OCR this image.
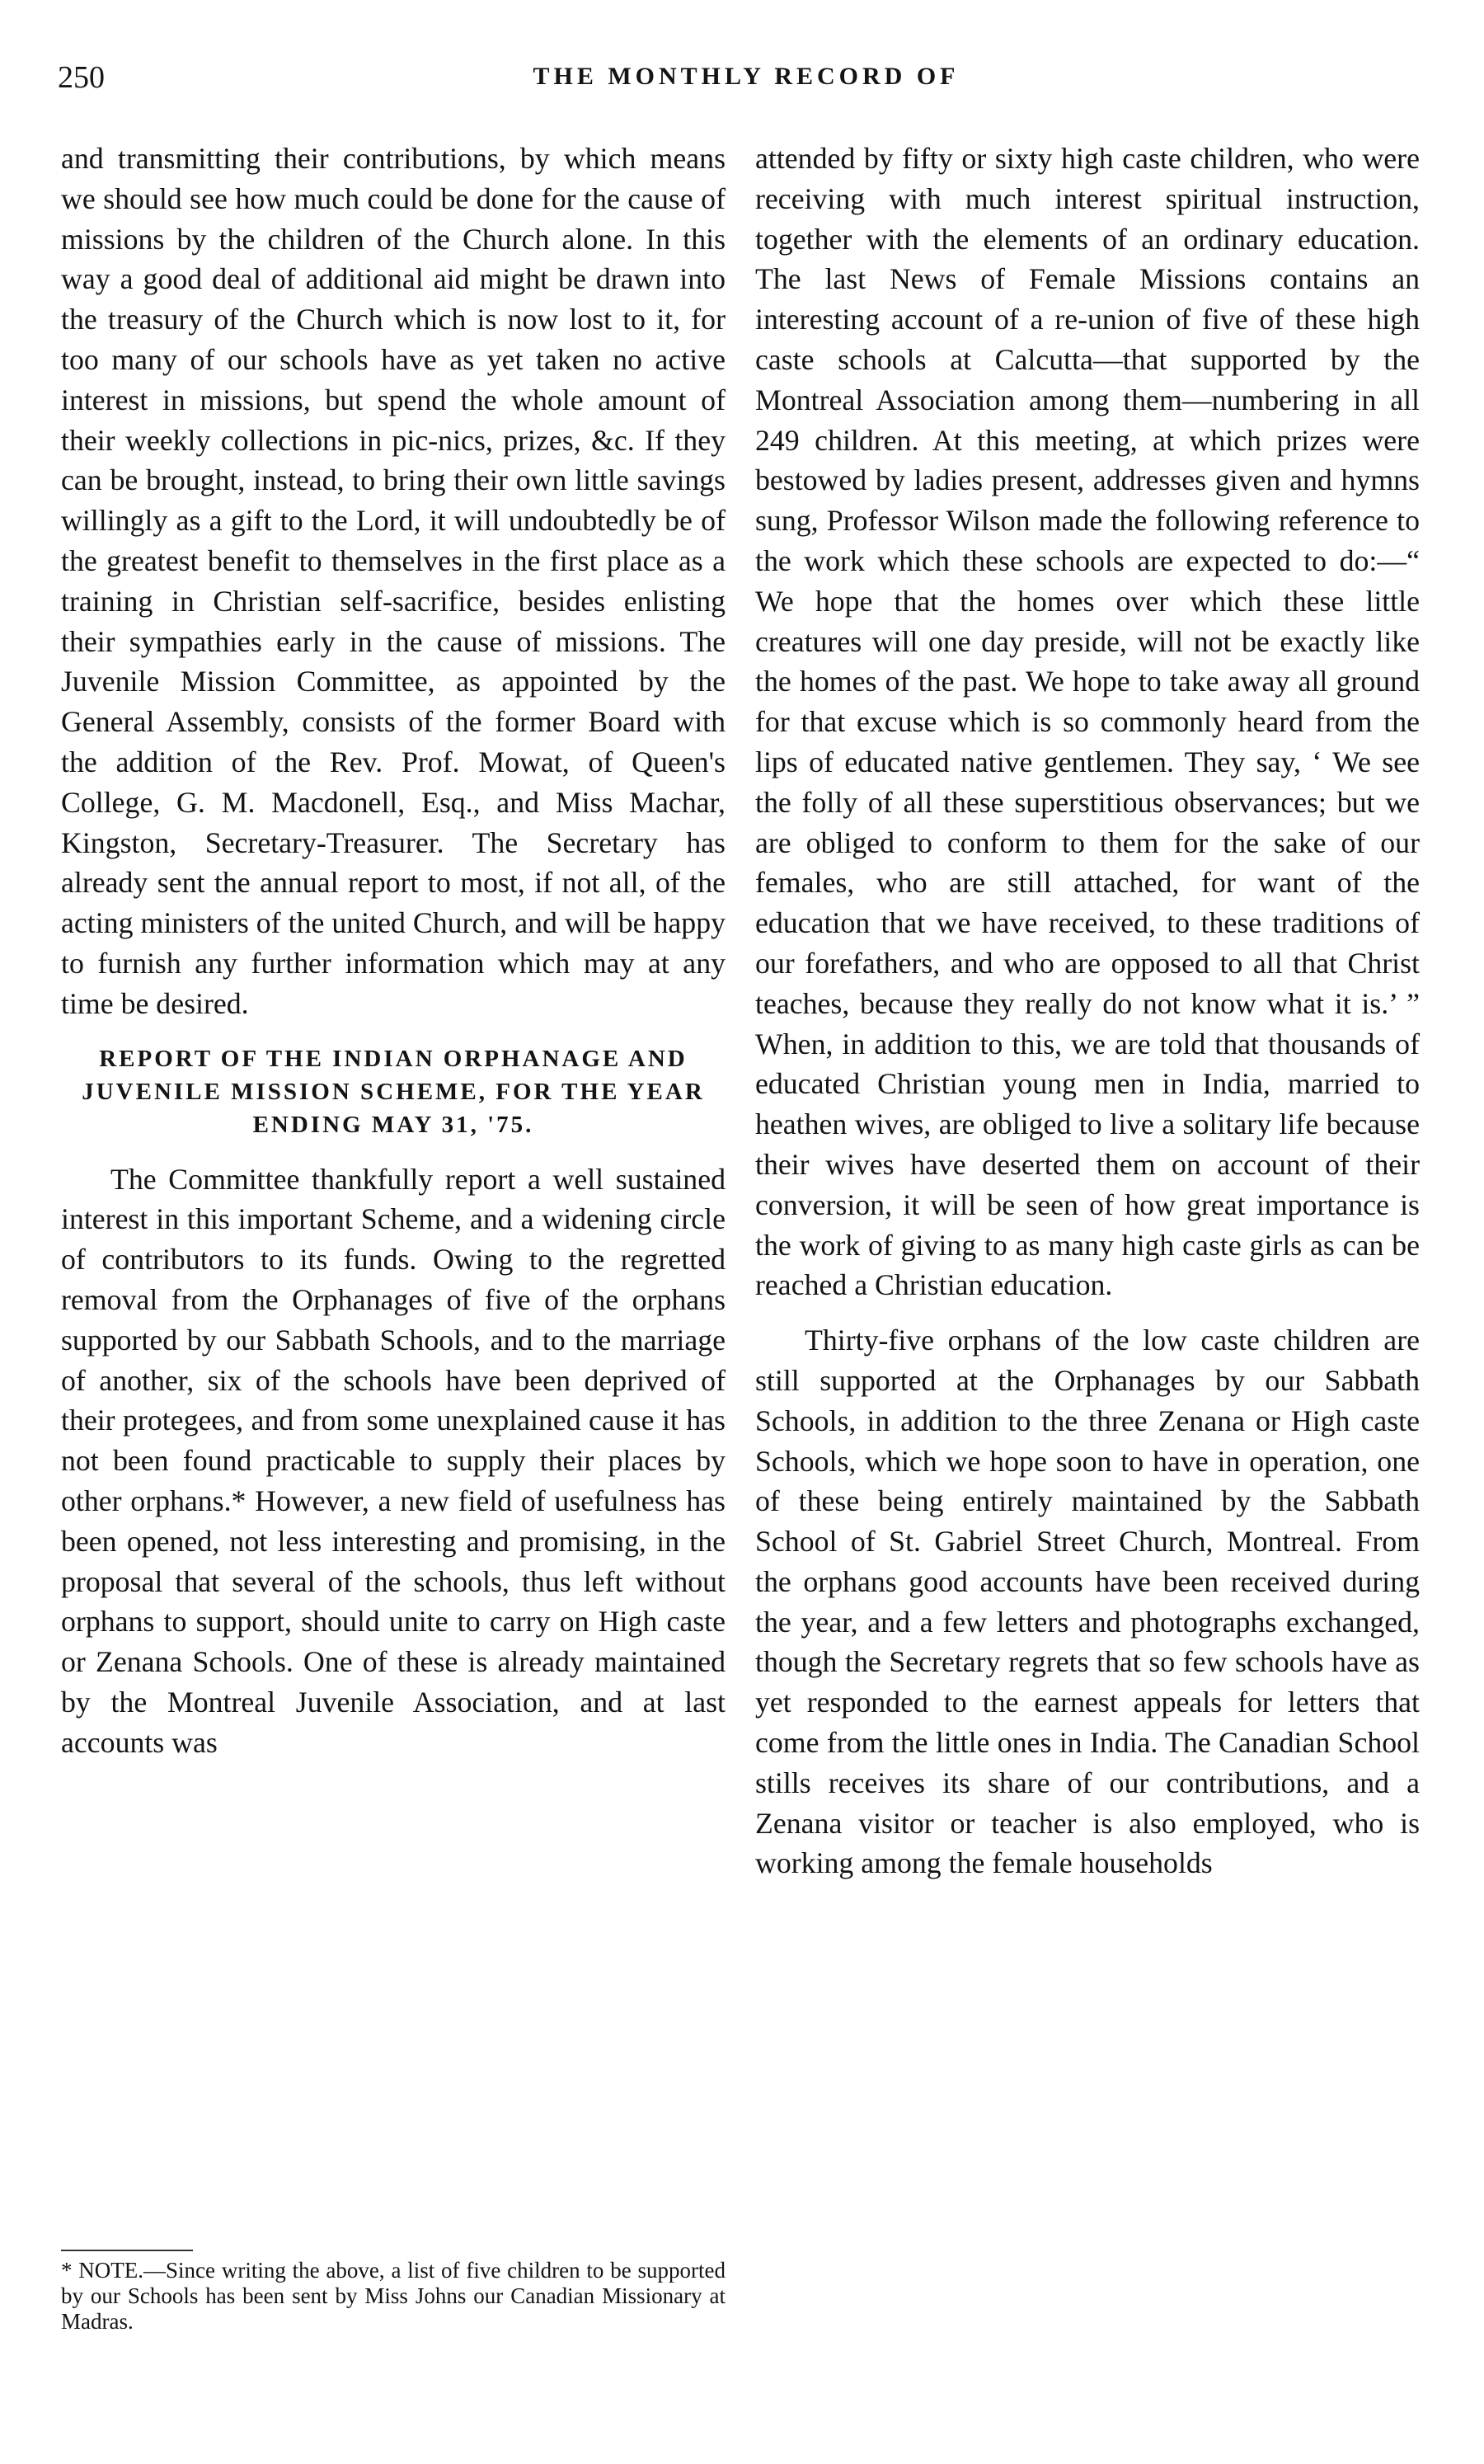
250	THE MONTHLY RECORD OF

and transmitting their contributions, by which means we should see how much could be done for the cause of missions by the children of the Church alone. In this way a good deal of additional aid might be drawn into the treasury of the Church which is now lost to it, for too many of our schools have as yet taken no active interest in missions, but spend the whole amount of their weekly collections in pic-nics, prizes, &c. If they can be brought, instead, to bring their own little savings willingly as a gift to the Lord, it will undoubtedly be of the greatest benefit to themselves in the first place as a training in Christian self-sacrifice, besides enlisting their sympathies early in the cause of missions. The Juvenile Mission Committee, as appointed by the General Assembly, consists of the former Board with the addition of the Rev. Prof. Mowat, of Queen's College, G. M. Macdonell, Esq., and Miss Machar, Kingston, Secretary-Treasurer. The Secretary has already sent the annual report to most, if not all, of the acting ministers of the united Church, and will be happy to furnish any further information which may at any time be desired.

REPORT OF THE INDIAN ORPHANAGE AND JUVENILE MISSION SCHEME, FOR THE YEAR ENDING MAY 31, '75.

The Committee thankfully report a well sustained interest in this important Scheme, and a widening circle of contributors to its funds. Owing to the regretted removal from the Orphanages of five of the orphans supported by our Sabbath Schools, and to the marriage of another, six of the schools have been deprived of their protegees, and from some unexplained cause it has not been found practicable to supply their places by other orphans.* However, a new field of usefulness has been opened, not less interesting and promising, in the proposal that several of the schools, thus left without orphans to support, should unite to carry on High caste or Zenana Schools. One of these is already maintained by the Montreal Juvenile Association, and at last accounts was

attended by fifty or sixty high caste children, who were receiving with much interest spiritual instruction, together with the elements of an ordinary education. The last News of Female Missions contains an interesting account of a re-union of five of these high caste schools at Calcutta—that supported by the Montreal Association among them—numbering in all 249 children. At this meeting, at which prizes were bestowed by ladies present, addresses given and hymns sung, Professor Wilson made the following reference to the work which these schools are expected to do:—“ We hope that the homes over which these little creatures will one day preside, will not be exactly like the homes of the past. We hope to take away all ground for that excuse which is so commonly heard from the lips of educated native gentlemen. They say, ‘ We see the folly of all these superstitious observances; but we are obliged to conform to them for the sake of our females, who are still attached, for want of the education that we have received, to these traditions of our forefathers, and who are opposed to all that Christ teaches, because they really do not know what it is.’ ” When, in addition to this, we are told that thousands of educated Christian young men in India, married to heathen wives, are obliged to live a solitary life because their wives have deserted them on account of their conversion, it will be seen of how great importance is the work of giving to as many high caste girls as can be reached a Christian education.

Thirty-five orphans of the low caste children are still supported at the Orphanages by our Sabbath Schools, in addition to the three Zenana or High caste Schools, which we hope soon to have in operation, one of these being entirely maintained by the Sabbath School of St. Gabriel Street Church, Montreal. From the orphans good accounts have been received during the year, and a few letters and photographs exchanged, though the Secretary regrets that so few schools have as yet responded to the earnest appeals for letters that come from the little ones in India. The Canadian School stills receives its share of our contributions, and a Zenana visitor or teacher is also employed, who is working among the female households

* NOTE.—Since writing the above, a list of five children to be supported by our Schools has been sent by Miss Johns our Canadian Missionary at Madras.
